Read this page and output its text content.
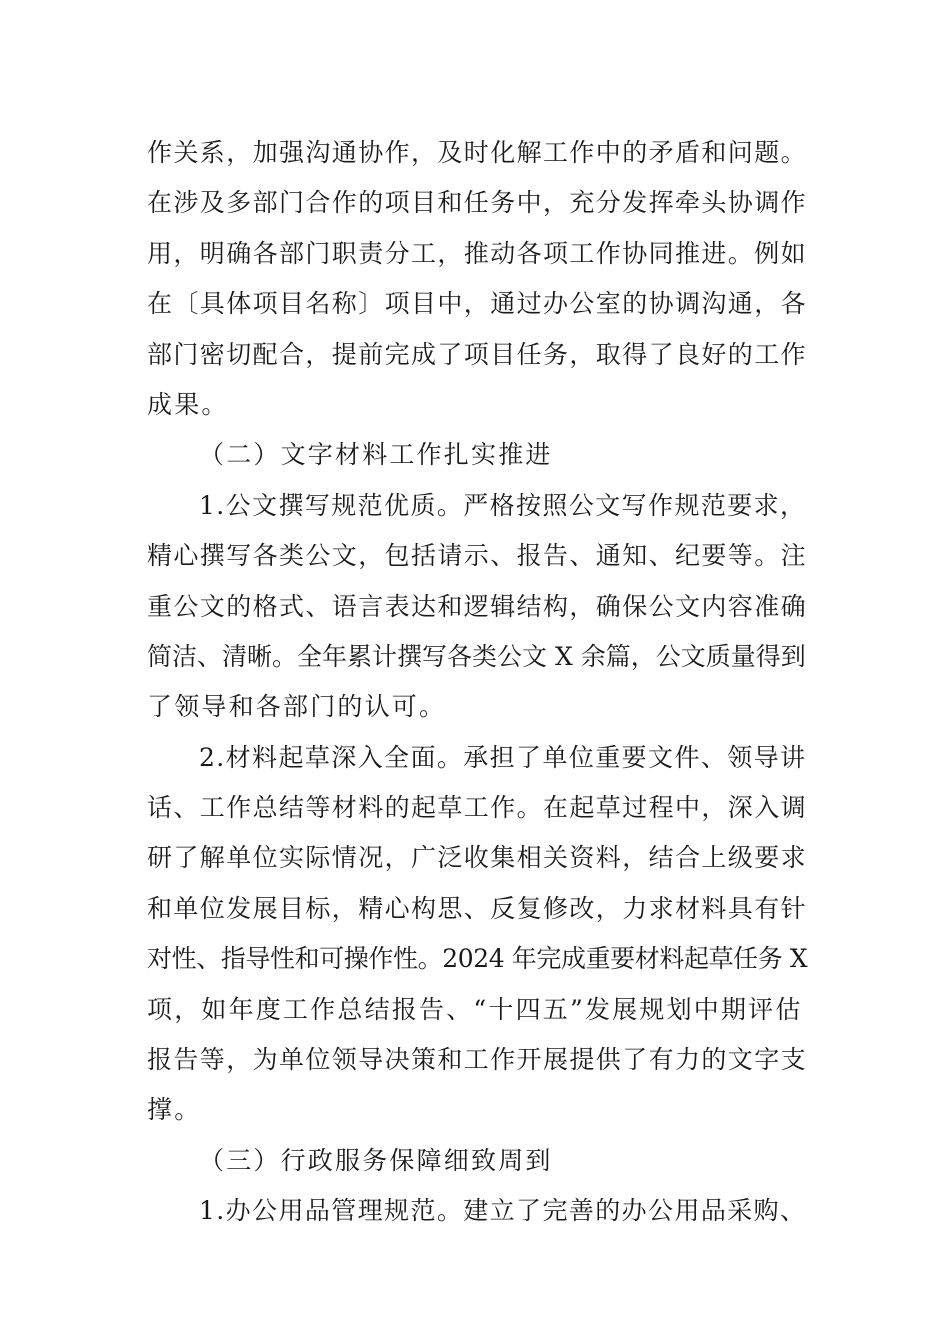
作关系，加强沟通协作，及时化解工作中的矛盾和问题。
在涉及多部门合作的项目和任务中，充分发挥牵头协调作
用，明确各部门职责分工，推动各项工作协同推进。例如
在〔具体项目名称〕项目中，通过办公室的协调沟通，各
部门密切配合，提前完成了项目任务，取得了良好的工作
成果。
（二）文字材料工作扎实推进
1.公文撰写规范优质。严格按照公文写作规范要求，
精心撰写各类公文，包括请示、报告、通知、纪要等。注
重公文的格式、语言表达和逻辑结构，确保公文内容准确
简洁、清晰。全年累计撰写各类公文 X 余篇，公文质量得到
了领导和各部门的认可。
2.材料起草深入全面。承担了单位重要文件、领导讲
话、工作总结等材料的起草工作。在起草过程中，深入调
研了解单位实际情况，广泛收集相关资料，结合上级要求
和单位发展目标，精心构思、反复修改，力求材料具有针
对性、指导性和可操作性。2024 年完成重要材料起草任务 X
项，如年度工作总结报告、“十四五”发展规划中期评估
报告等，为单位领导决策和工作开展提供了有力的文字支
撑。
（三）行政服务保障细致周到
1.办公用品管理规范。建立了完善的办公用品采购、
